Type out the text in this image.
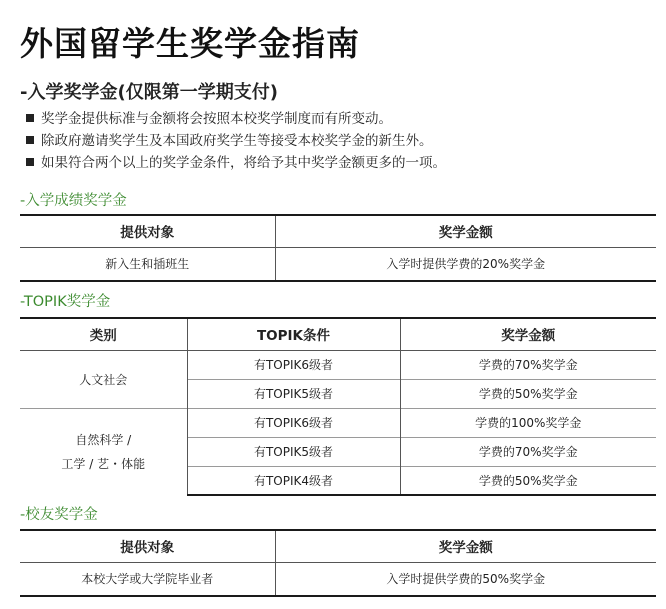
外国留学生奖学金指南
-入学奖学金(仅限第一学期支付)
奖学金提供标准与金额将会按照本校奖学制度而有所变动。
除政府邀请奖学生及本国政府奖学生等接受本校奖学金的新生外。
如果符合两个以上的奖学金条件，将给予其中奖学金额更多的一项。
-入学成绩奖学金
提供对象	奖学金额
新入生和插班生	入学时提供学费的20%奖学金
-TOPIK奖学金
类别	TOPIK条件	奖学金额
人文社会	有TOPIK6级者	学费的70%奖学金
	有TOPIK5级者	学费的50%奖学金

自然科学 /
工学 / 艺・体能	有TOPIK6级者	学费的100%奖学金
	有TOPIK5级者	学费的70%奖学金
	有TOPIK4级者	学费的50%奖学金
-校友奖学金
提供对象	奖学金额
本校大学或大学院毕业者	入学时提供学费的50%奖学金
